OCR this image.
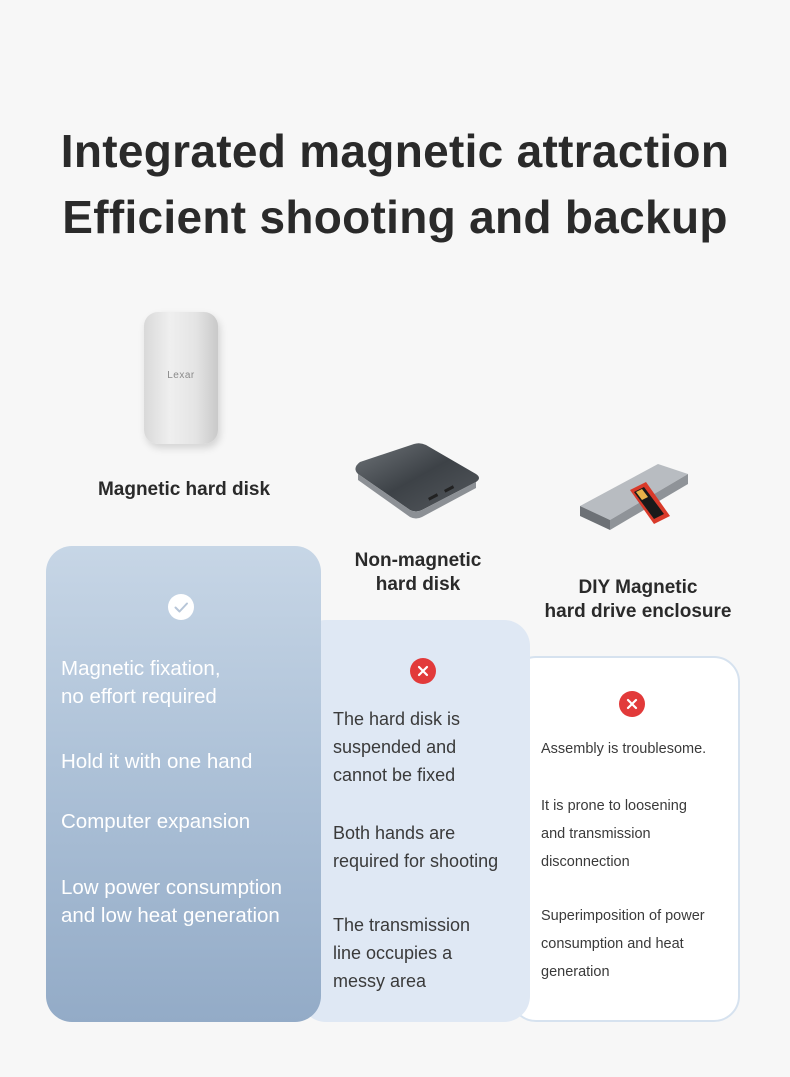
Integrated magnetic attraction
Efficient shooting and backup
Lexar
Magnetic hard disk
Non-magnetic
hard disk	DIY Magnetic
hard drive enclosure
Magnetic fixation,
no effort required
Hold it with one hand
Computer expansion
Low power consumption
and low heat generation
The hard disk is
suspended and
cannot be fixed
Both hands are
required for shooting
The transmission
line occupies a
messy area
Assembly is troublesome.
It is prone to loosening
and transmission
disconnection
Superimposition of power
consumption and heat
generation
